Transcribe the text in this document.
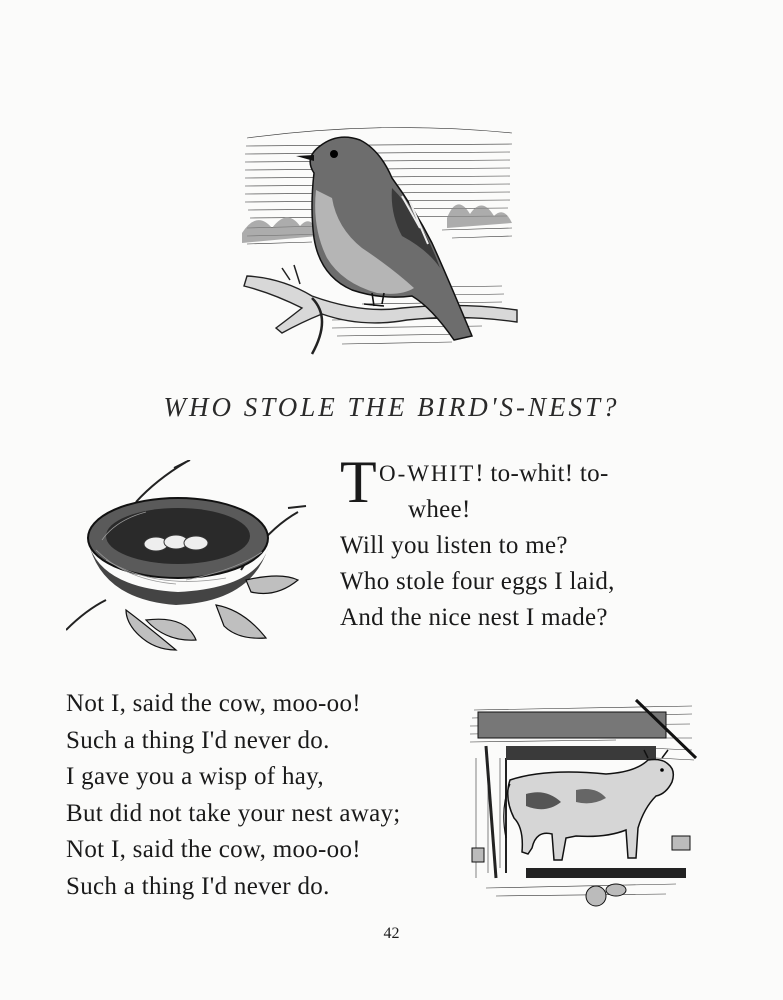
WHO STOLE THE BIRD'S-NEST?
T O-WHIT! to-whit! to-
whee!
Will you listen to me?
Who stole four eggs I laid,
And the nice nest I made?
Not I, said the cow, moo-oo!
Such a thing I'd never do.
I gave you a wisp of hay,
But did not take your nest away;
Not I, said the cow, moo-oo!
Such a thing I'd never do.
42
